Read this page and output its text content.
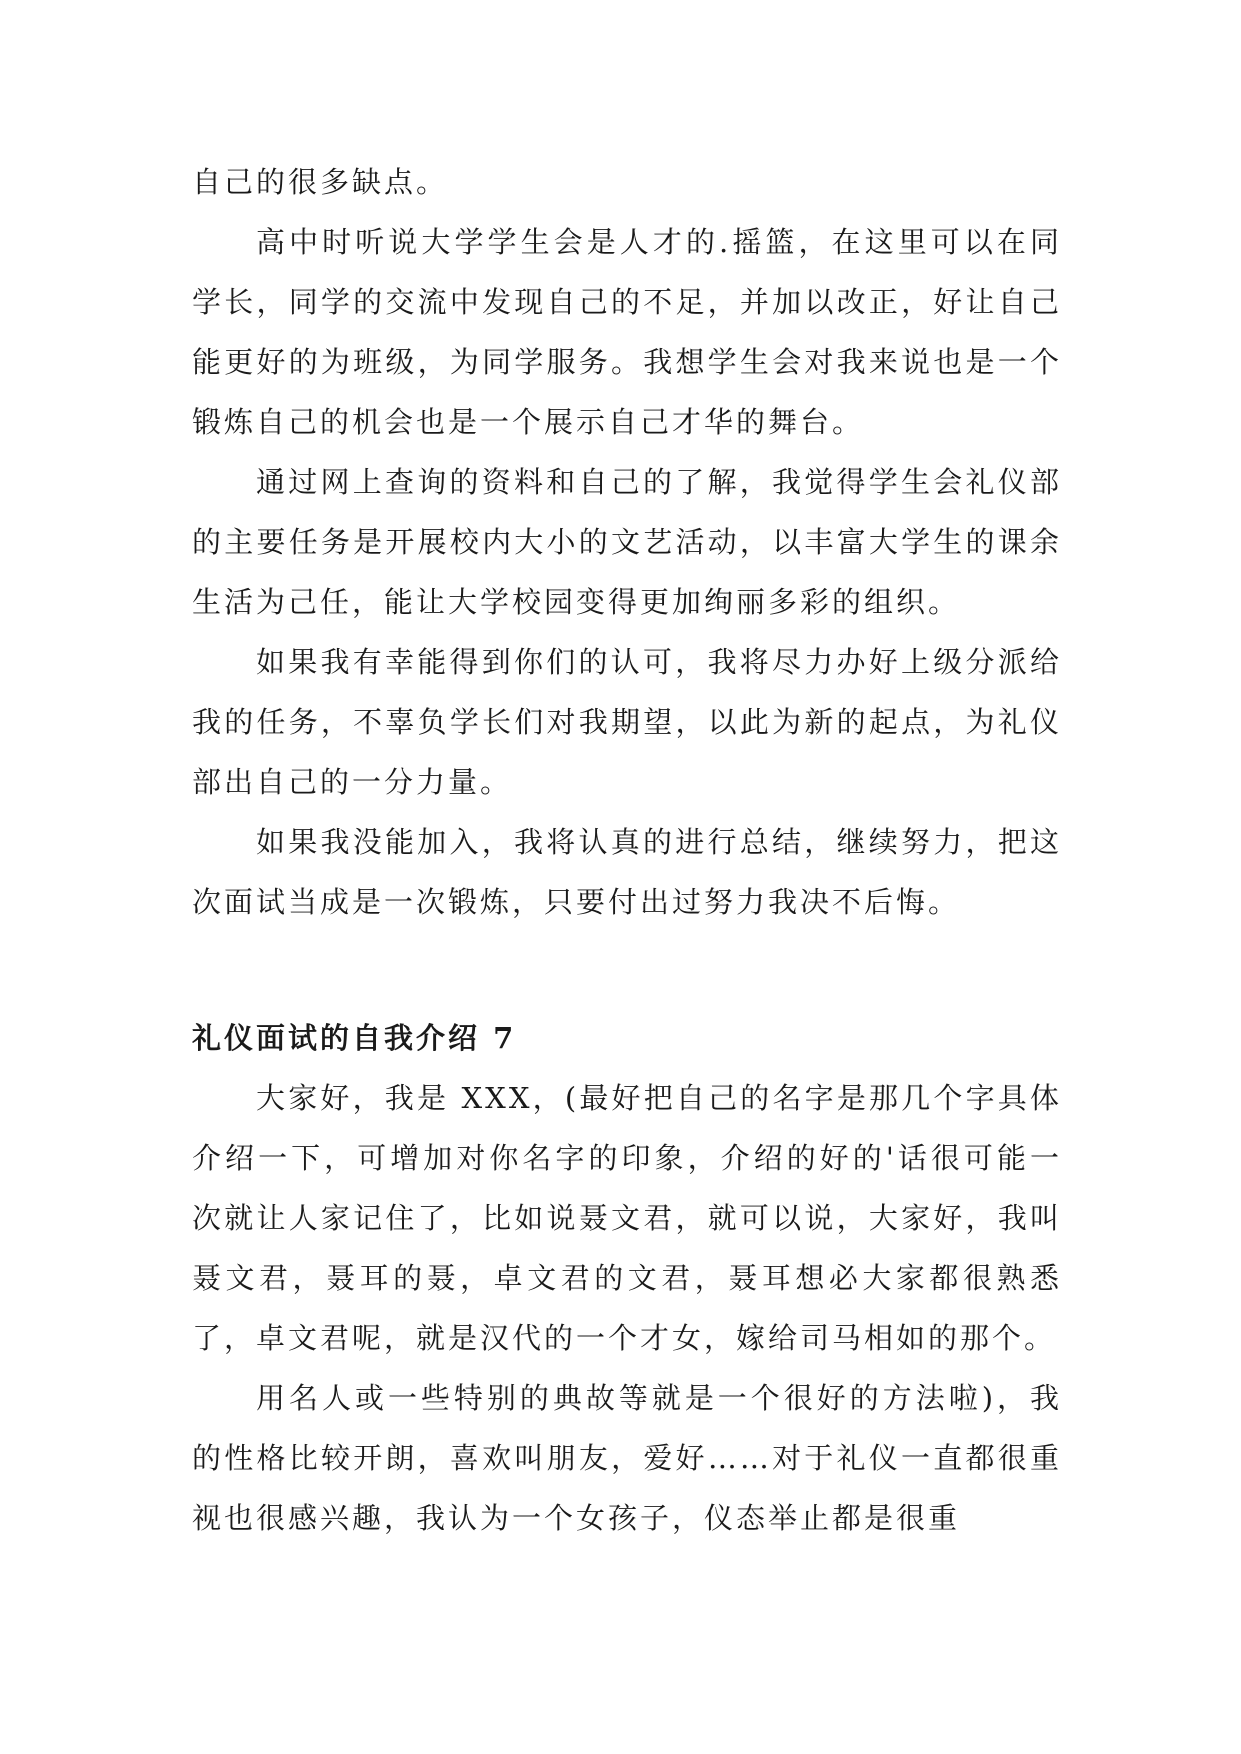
自己的很多缺点。

高中时听说大学学生会是人才的.摇篮，在这里可以在同学长，同学的交流中发现自己的不足，并加以改正，好让自己能更好的为班级，为同学服务。我想学生会对我来说也是一个锻炼自己的机会也是一个展示自己才华的舞台。

通过网上查询的资料和自己的了解，我觉得学生会礼仪部的主要任务是开展校内大小的文艺活动，以丰富大学生的课余生活为己任，能让大学校园变得更加绚丽多彩的组织。

如果我有幸能得到你们的认可，我将尽力办好上级分派给我的任务，不辜负学长们对我期望，以此为新的起点，为礼仪部出自己的一分力量。

如果我没能加入，我将认真的进行总结，继续努力，把这次面试当成是一次锻炼，只要付出过努力我决不后悔。

礼仪面试的自我介绍 7

大家好，我是 XXX，(最好把自己的名字是那几个字具体介绍一下，可增加对你名字的印象，介绍的好的'话很可能一次就让人家记住了，比如说聂文君，就可以说，大家好，我叫聂文君，聂耳的聂，卓文君的文君，聂耳想必大家都很熟悉了，卓文君呢，就是汉代的一个才女，嫁给司马相如的那个。

用名人或一些特别的典故等就是一个很好的方法啦)，我的性格比较开朗，喜欢叫朋友，爱好……对于礼仪一直都很重视也很感兴趣，我认为一个女孩子，仪态举止都是很重
